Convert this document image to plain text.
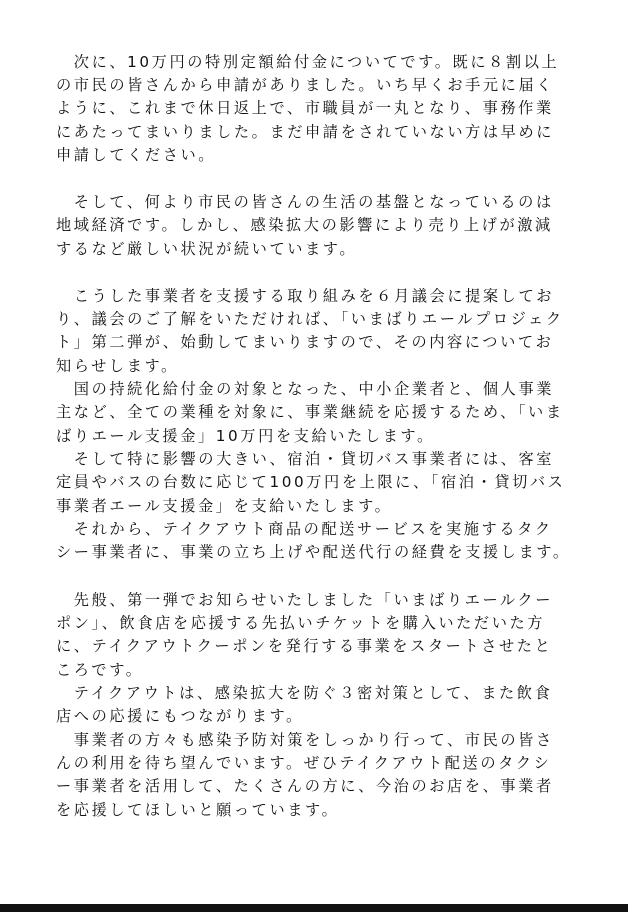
　次に、10万円の特別定額給付金についてです。既に８割以上
の市民の皆さんから申請がありました。いち早くお手元に届く
ように、これまで休日返上で、市職員が一丸となり、事務作業
にあたってまいりました。まだ申請をされていない方は早めに
申請してください。
　そして、何より市民の皆さんの生活の基盤となっているのは
地域経済です。しかし、感染拡大の影響により売り上げが激減
するなど厳しい状況が続いています。
　こうした事業者を支援する取り組みを６月議会に提案してお
り、議会のご了解をいただければ、「いまばりエールプロジェク
ト」第二弾が、始動してまいりますので、その内容についてお
知らせします。
　国の持続化給付金の対象となった、中小企業者と、個人事業
主など、全ての業種を対象に、事業継続を応援するため、「いま
ばりエール支援金」10万円を支給いたします。
　そして特に影響の大きい、宿泊・貸切バス事業者には、客室
定員やバスの台数に応じて100万円を上限に、「宿泊・貸切バス
事業者エール支援金」を支給いたします。
　それから、テイクアウト商品の配送サービスを実施するタク
シー事業者に、事業の立ち上げや配送代行の経費を支援します。
　先般、第一弾でお知らせいたしました「いまばりエールクー
ポン」、飲食店を応援する先払いチケットを購入いただいた方
に、テイクアウトクーポンを発行する事業をスタートさせたと
ころです。
　テイクアウトは、感染拡大を防ぐ３密対策として、また飲食
店への応援にもつながります。
　事業者の方々も感染予防対策をしっかり行って、市民の皆さ
んの利用を待ち望んでいます。ぜひテイクアウト配送のタクシ
ー事業者を活用して、たくさんの方に、今治のお店を、事業者
を応援してほしいと願っています。
